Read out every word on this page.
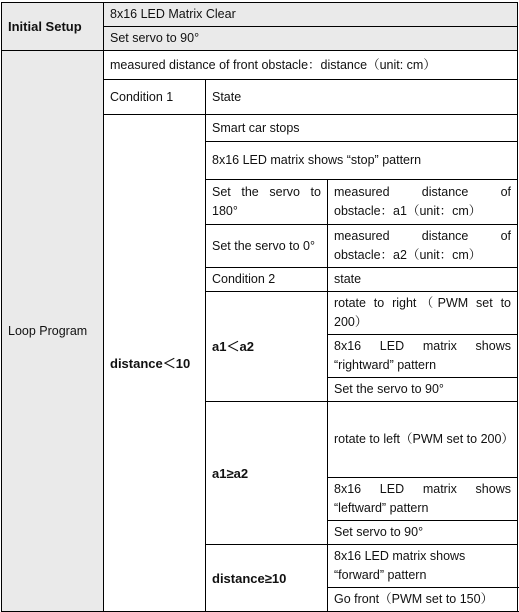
Initial Setup	8x16 LED Matrix Clear		
	Set servo to 90°		
Loop Program	measured distance of front obstacle：distance（unit: cm）		
	Condition 1	State	
	distance＜10	Smart car stops	
		8x16 LED matrix shows “stop” pattern	
		Set the servo to 180°	measured distance of obstacle：a1（unit：cm）
		Set the servo to 0°	measured distance of obstacle：a2（unit：cm）
		Condition 2	state
		a1＜a2	rotate to right（PWM set to 200）
			8x16 LED matrix shows “rightward” pattern
			Set the servo to 90°
		a1≥a2	rotate to left（PWM set to 200）
			8x16 LED matrix shows “leftward” pattern
			Set servo to 90°
		distance≥10	8x16 LED matrix shows “forward” pattern
			Go front（PWM set to 150）
